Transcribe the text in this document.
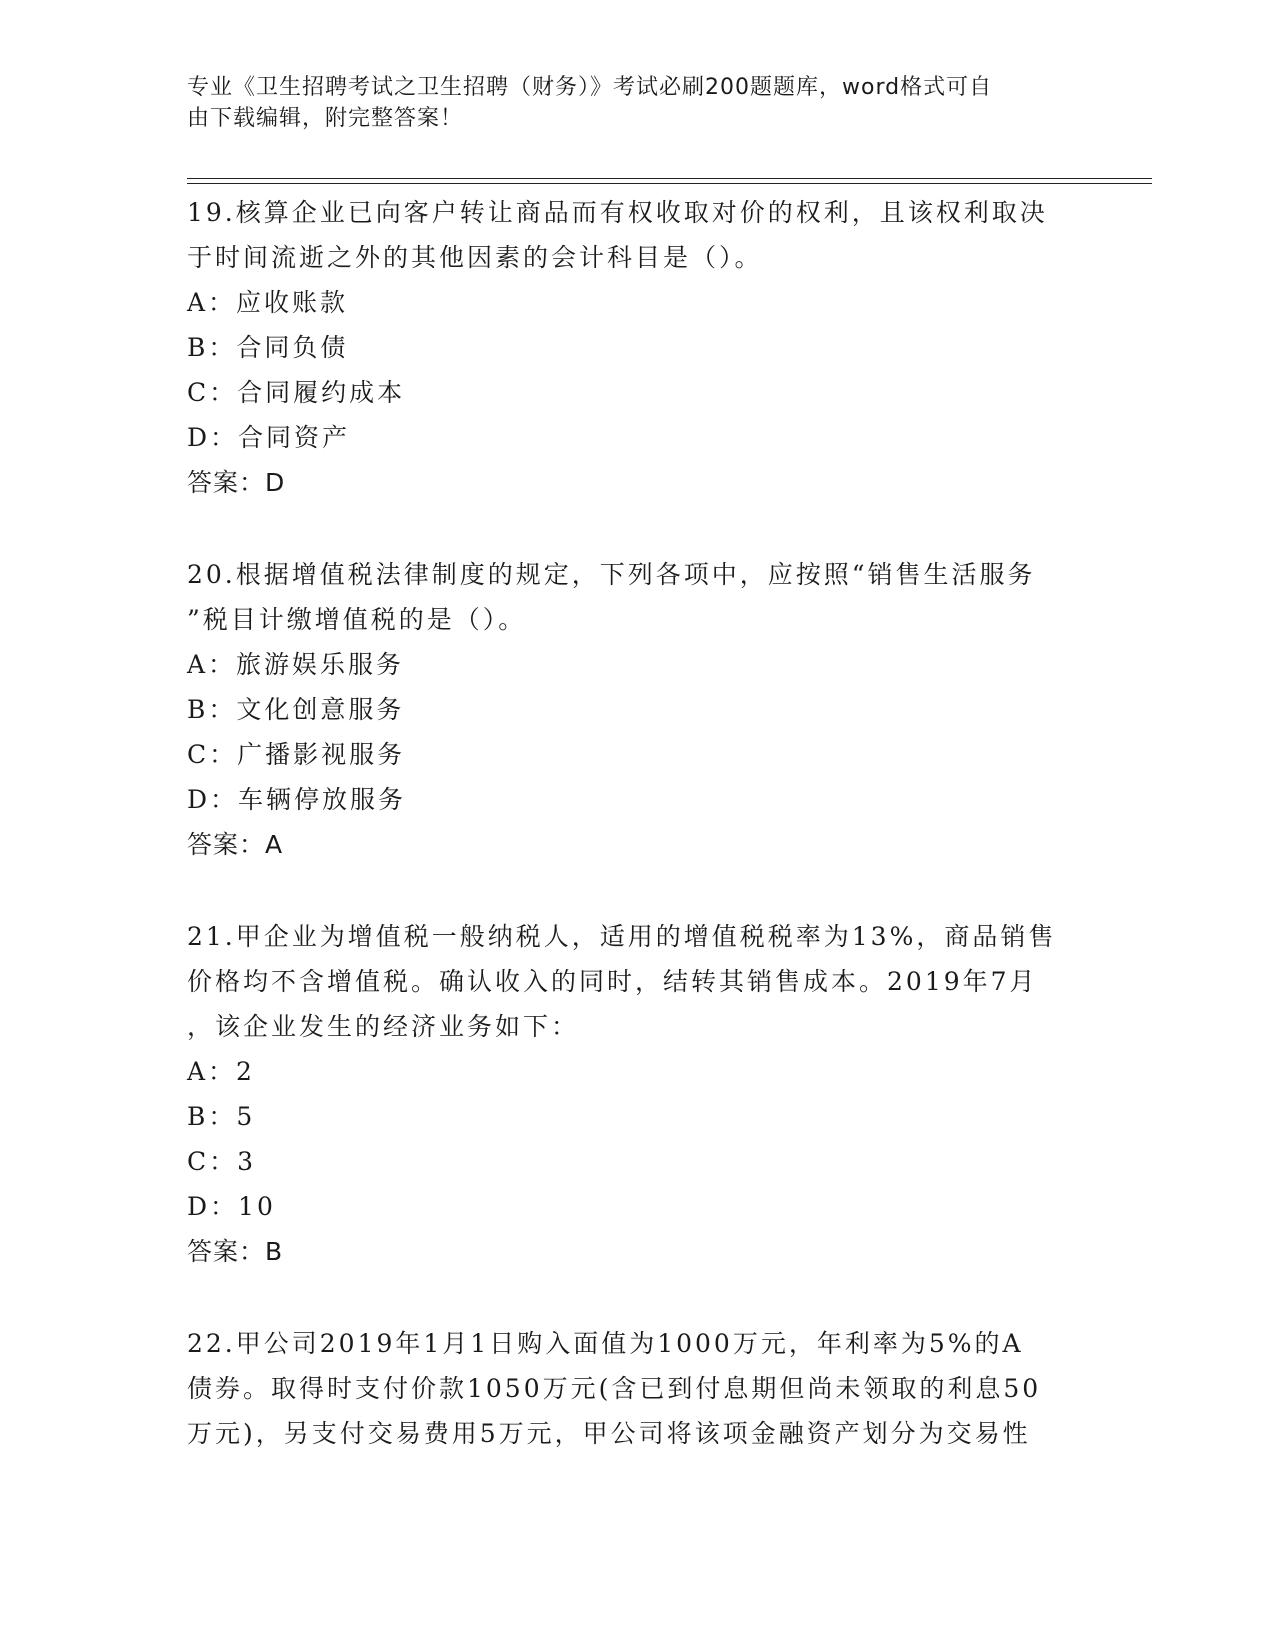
专业《卫生招聘考试之卫生招聘（财务）》考试必刷200题题库，word格式可自
由下载编辑，附完整答案！

19.核算企业已向客户转让商品而有权收取对价的权利，且该权利取决

于时间流逝之外的其他因素的会计科目是（）。

A：应收账款

B：合同负债

C：合同履约成本

D：合同资产

答案：D

20.根据增值税法律制度的规定，下列各项中，应按照“销售生活服务

”税目计缴增值税的是（）。

A：旅游娱乐服务

B：文化创意服务

C：广播影视服务

D：车辆停放服务

答案：A

21.甲企业为增值税一般纳税人，适用的增值税税率为13%，商品销售

价格均不含增值税。确认收入的同时，结转其销售成本。2019年7月

，该企业发生的经济业务如下：

A：2

B：5

C：3

D：10

答案：B

22.甲公司2019年1月1日购入面值为1000万元，年利率为5%的A

债券。取得时支付价款1050万元(含已到付息期但尚未领取的利息50

万元)，另支付交易费用5万元，甲公司将该项金融资产划分为交易性
